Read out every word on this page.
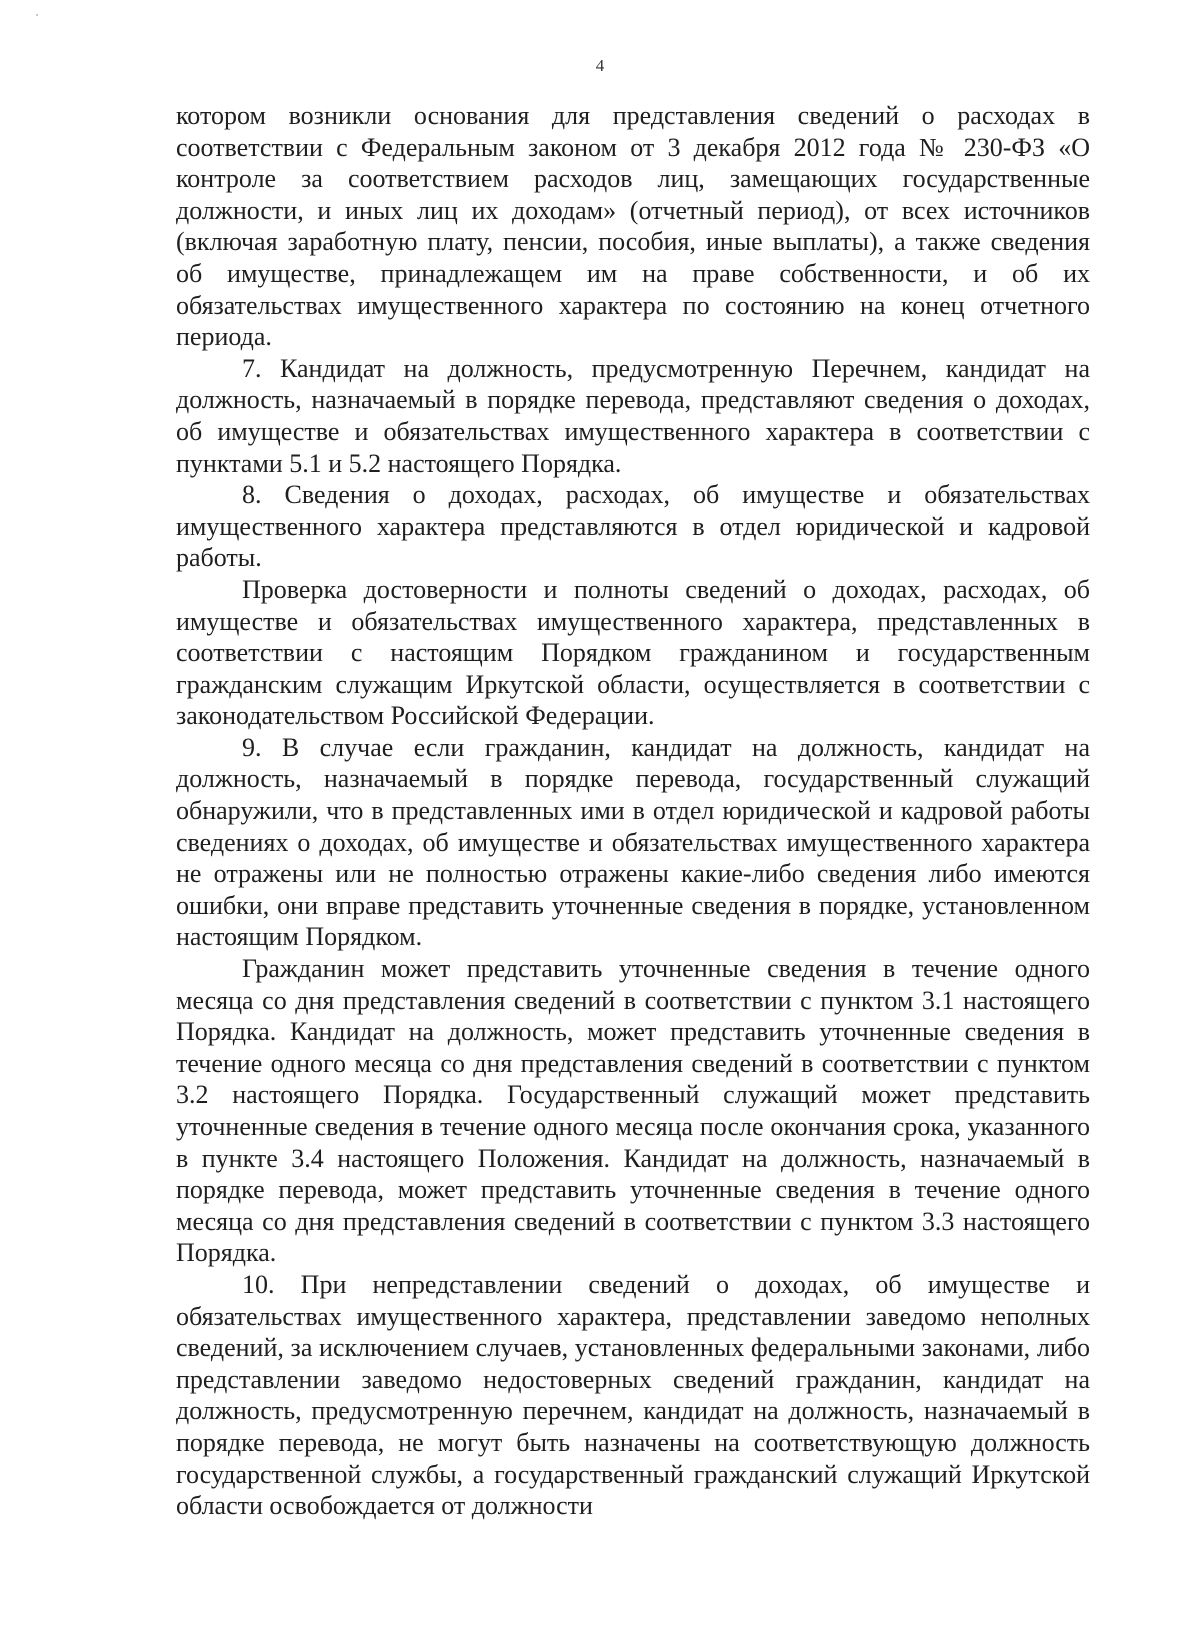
4

котором возникли основания для представления сведений о расходах в соответствии с Федеральным законом от 3 декабря 2012 года № 230-ФЗ «О контроле за соответствием расходов лиц, замещающих государственные должности, и иных лиц их доходам» (отчетный период), от всех источников (включая заработную плату, пенсии, пособия, иные выплаты), а также сведения об имуществе, принадлежащем им на праве собственности, и об их обязательствах имущественного характера по состоянию на конец отчетного периода.

7. Кандидат на должность, предусмотренную Перечнем, кандидат на должность, назначаемый в порядке перевода, представляют сведения о доходах, об имуществе и обязательствах имущественного характера в соответствии с пунктами 5.1 и 5.2 настоящего Порядка.

8. Сведения о доходах, расходах, об имуществе и обязательствах имущественного характера представляются в отдел юридической и кадровой работы.

Проверка достоверности и полноты сведений о доходах, расходах, об имуществе и обязательствах имущественного характера, представленных в соответствии с настоящим Порядком гражданином и государственным гражданским служащим Иркутской области, осуществляется в соответствии с законодательством Российской Федерации.

9. В случае если гражданин, кандидат на должность, кандидат на должность, назначаемый в порядке перевода, государственный служащий обнаружили, что в представленных ими в отдел юридической и кадровой работы сведениях о доходах, об имуществе и обязательствах имущественного характера не отражены или не полностью отражены какие-либо сведения либо имеются ошибки, они вправе представить уточненные сведения в порядке, установленном настоящим Порядком.

Гражданин может представить уточненные сведения в течение одного месяца со дня представления сведений в соответствии с пунктом 3.1 настоящего Порядка. Кандидат на должность, может представить уточненные сведения в течение одного месяца со дня представления сведений в соответствии с пунктом 3.2 настоящего Порядка. Государственный служащий может представить уточненные сведения в течение одного месяца после окончания срока, указанного в пункте 3.4 настоящего Положения. Кандидат на должность, назначаемый в порядке перевода, может представить уточненные сведения в течение одного месяца со дня представления сведений в соответствии с пунктом 3.3 настоящего Порядка.

10. При непредставлении сведений о доходах, об имуществе и обязательствах имущественного характера, представлении заведомо неполных сведений, за исключением случаев, установленных федеральными законами, либо представлении заведомо недостоверных сведений гражданин, кандидат на должность, предусмотренную перечнем, кандидат на должность, назначаемый в порядке перевода, не могут быть назначены на соответствующую должность государственной службы, а государственный гражданский служащий Иркутской области освобождается от должности
